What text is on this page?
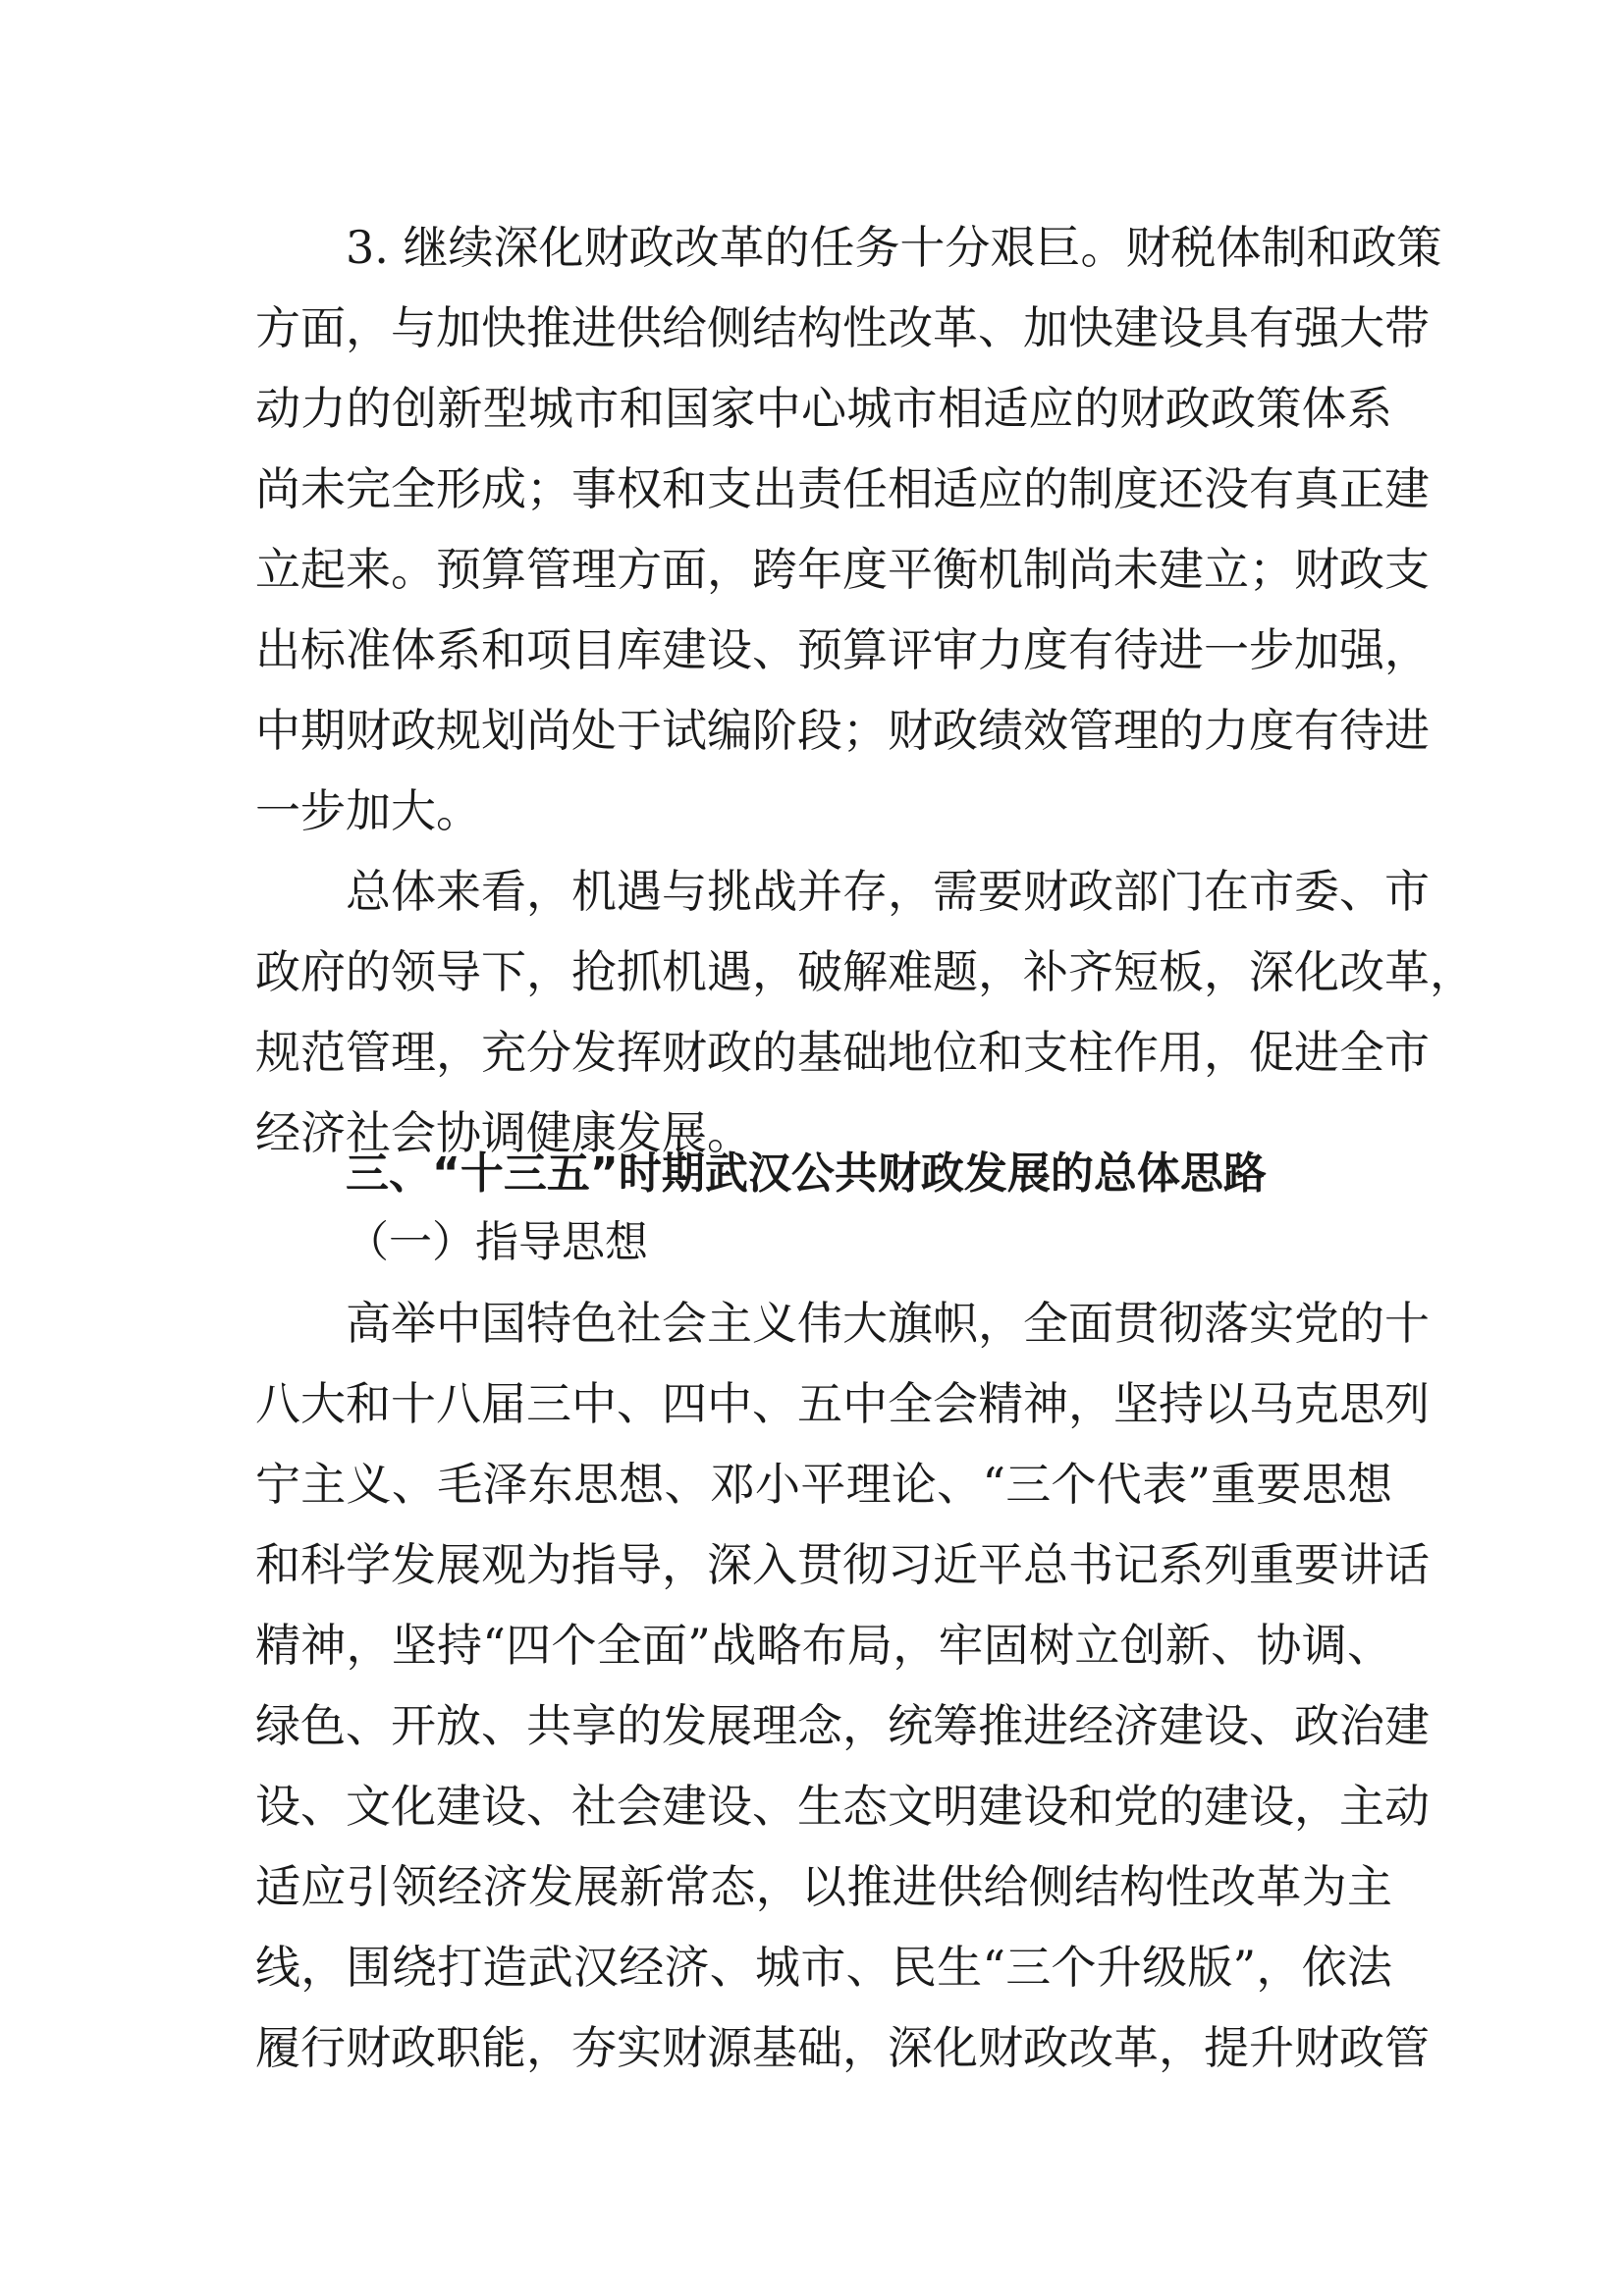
3. 继续深化财政改革的任务十分艰巨。财税体制和政策
方面，与加快推进供给侧结构性改革、加快建设具有强大带
动力的创新型城市和国家中心城市相适应的财政政策体系
尚未完全形成；事权和支出责任相适应的制度还没有真正建
立起来。预算管理方面，跨年度平衡机制尚未建立；财政支
出标准体系和项目库建设、预算评审力度有待进一步加强，
中期财政规划尚处于试编阶段；财政绩效管理的力度有待进
一步加大。
总体来看，机遇与挑战并存，需要财政部门在市委、市
政府的领导下，抢抓机遇，破解难题，补齐短板，深化改革，
规范管理，充分发挥财政的基础地位和支柱作用，促进全市
经济社会协调健康发展。
三、“十三五”时期武汉公共财政发展的总体思路
（一）指导思想
高举中国特色社会主义伟大旗帜，全面贯彻落实党的十
八大和十八届三中、四中、五中全会精神，坚持以马克思列
宁主义、毛泽东思想、邓小平理论、“三个代表”重要思想
和科学发展观为指导，深入贯彻习近平总书记系列重要讲话
精神，坚持“四个全面”战略布局，牢固树立创新、协调、
绿色、开放、共享的发展理念，统筹推进经济建设、政治建
设、文化建设、社会建设、生态文明建设和党的建设，主动
适应引领经济发展新常态，以推进供给侧结构性改革为主
线，围绕打造武汉经济、城市、民生“三个升级版”，依法
履行财政职能，夯实财源基础，深化财政改革，提升财政管
